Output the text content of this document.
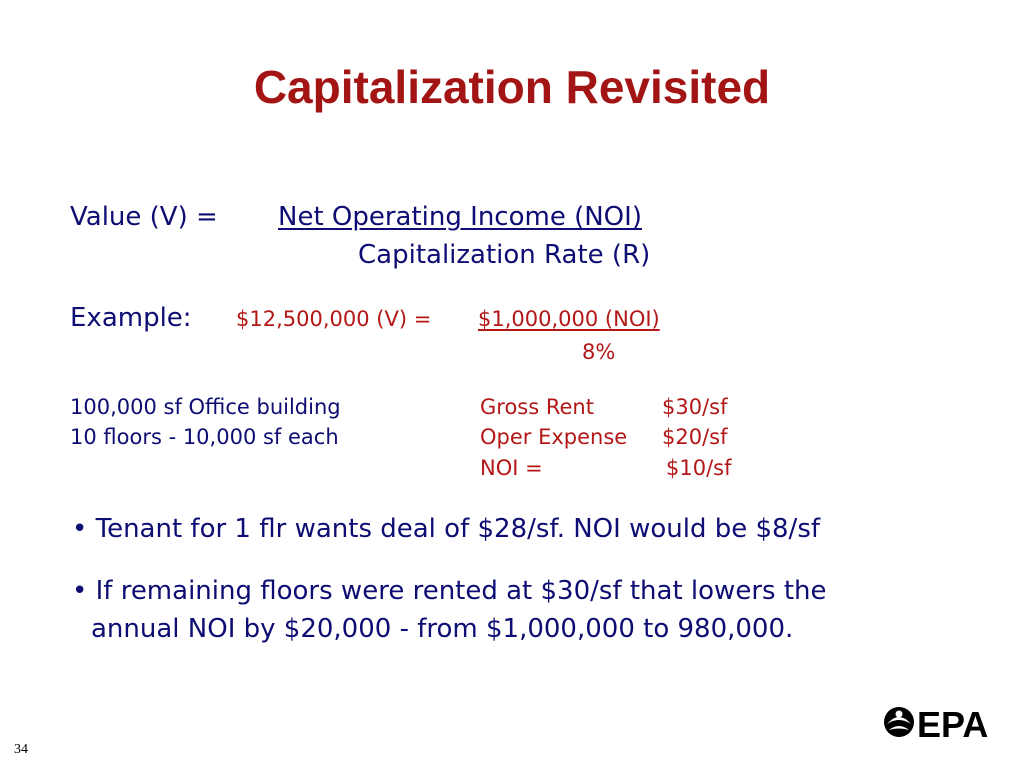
Capitalization Revisited
Value (V) = Net Operating Income (NOI)
Capitalization Rate (R)
Example: $12,500,000 (V) = $1,000,000 (NOI)
8%
100,000 sf Office building
10 floors - 10,000 sf each
Gross Rent	$30/sf
Oper Expense $20/sf
NOI =	$10/sf
• Tenant for 1 flr wants deal of $28/sf. NOI would be $8/sf
• If remaining floors were rented at $30/sf that lowers the
annual NOI by $20,000 - from $1,000,000 to 980,000.
34
EPA
